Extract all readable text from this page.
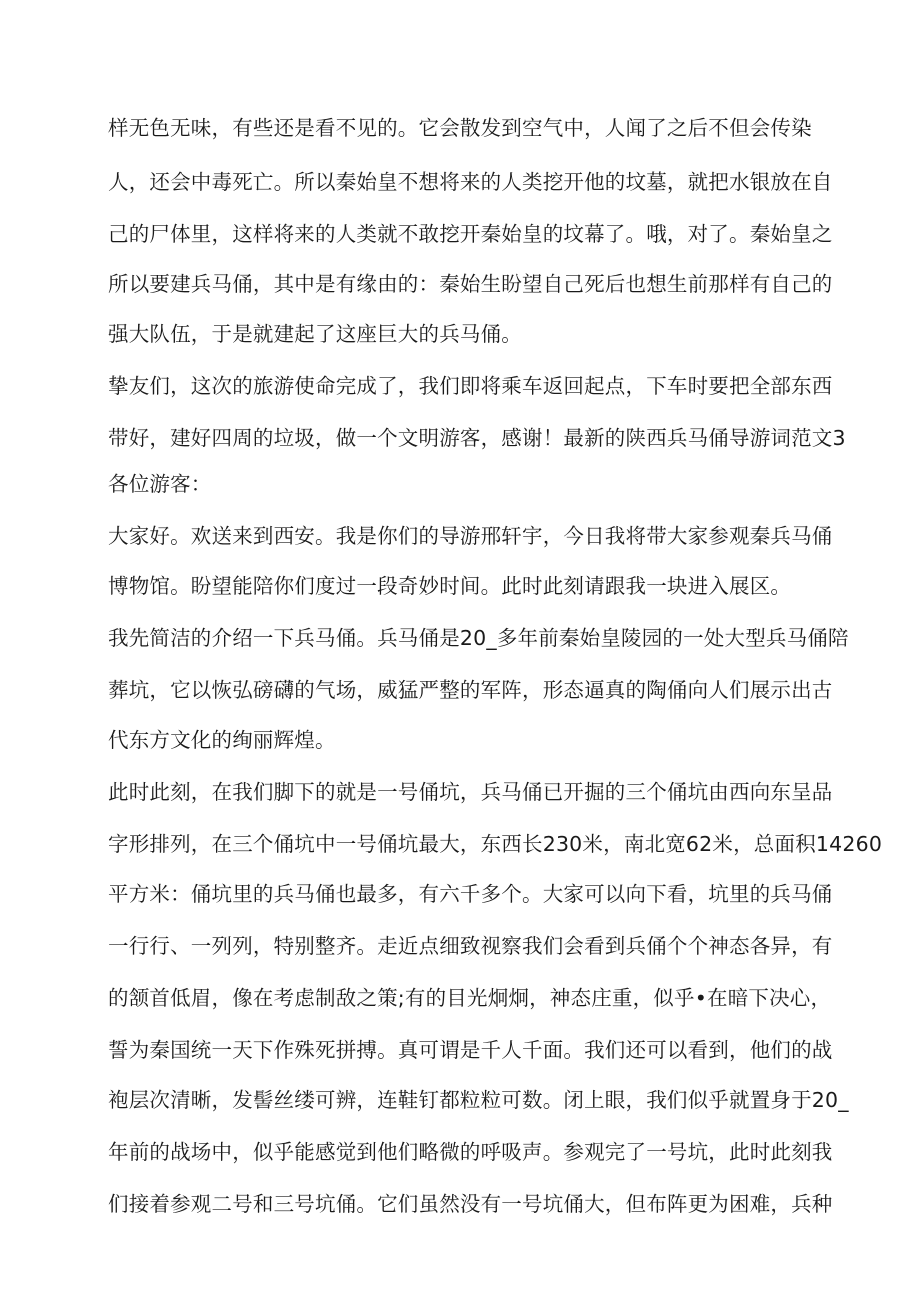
样无色无味，有些还是看不见的。它会散发到空气中，人闻了之后不但会传染
人，还会中毒死亡。所以秦始皇不想将来的人类挖开他的坟墓，就把水银放在自
己的尸体里，这样将来的人类就不敢挖开秦始皇的坟幕了。哦，对了。秦始皇之
所以要建兵马俑，其中是有缘由的：秦始生盼望自己死后也想生前那样有自己的
强大队伍，于是就建起了这座巨大的兵马俑。
挚友们，这次的旅游使命完成了，我们即将乘车返回起点，下车时要把全部东西
带好，建好四周的垃圾，做一个文明游客，感谢！最新的陕西兵马俑导游词范文3
各位游客：
大家好。欢送来到西安。我是你们的导游邢轩宇，今日我将带大家参观秦兵马俑
博物馆。盼望能陪你们度过一段奇妙时间。此时此刻请跟我一块进入展区。
我先简洁的介绍一下兵马俑。兵马俑是20_多年前秦始皇陵园的一处大型兵马俑陪
葬坑，它以恢弘磅礴的气场，威猛严整的军阵，形态逼真的陶俑向人们展示出古
代东方文化的绚丽辉煌。
此时此刻，在我们脚下的就是一号俑坑，兵马俑已开掘的三个俑坑由西向东呈品
字形排列，在三个俑坑中一号俑坑最大，东西长230米，南北宽62米，总面积14260
平方米：俑坑里的兵马俑也最多，有六千多个。大家可以向下看，坑里的兵马俑
一行行、一列列，特别整齐。走近点细致视察我们会看到兵俑个个神态各异，有
的颔首低眉，像在考虑制敌之策;有的目光炯炯，神态庄重，似乎•在暗下决心，
誓为秦国统一天下作殊死拼搏。真可谓是千人千面。我们还可以看到，他们的战
袍层次清晰，发髻丝缕可辨，连鞋钉都粒粒可数。闭上眼，我们似乎就置身于20_
年前的战场中，似乎能感觉到他们略微的呼吸声。参观完了一号坑，此时此刻我
们接着参观二号和三号坑俑。它们虽然没有一号坑俑大，但布阵更为困难，兵种
